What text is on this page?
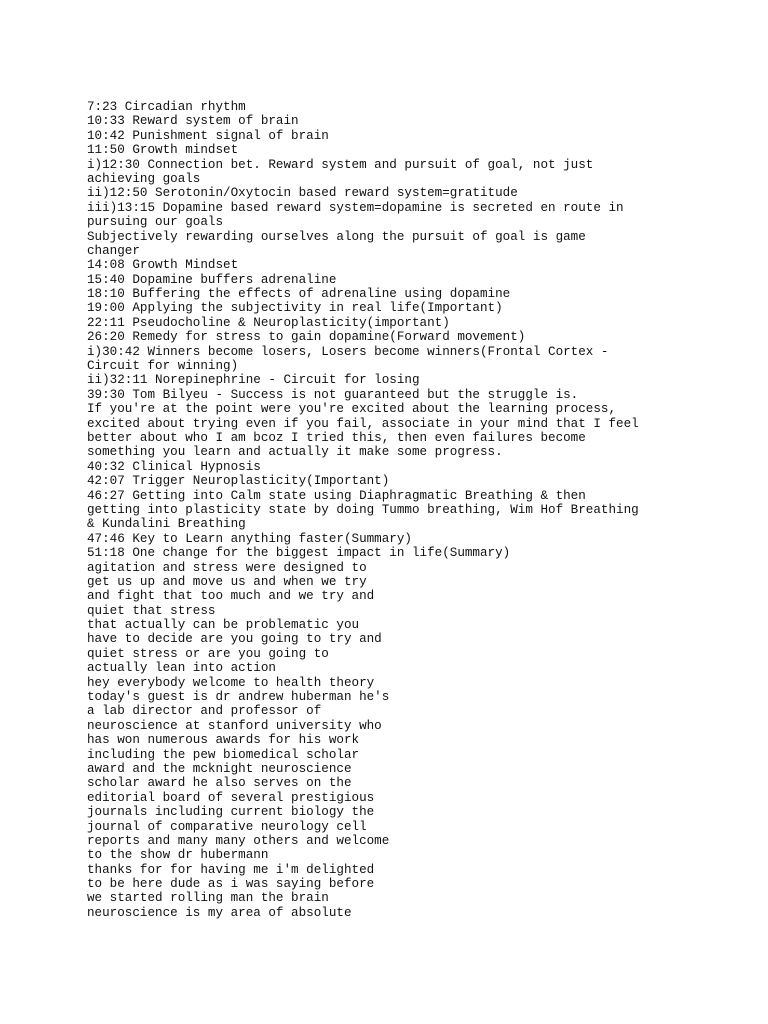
7:23 Circadian rhythm
10:33 Reward system of brain
10:42 Punishment signal of brain
11:50 Growth mindset
i)12:30 Connection bet. Reward system and pursuit of goal, not just
achieving goals
ii)12:50 Serotonin/Oxytocin based reward system=gratitude
iii)13:15 Dopamine based reward system=dopamine is secreted en route in
pursuing our goals
Subjectively rewarding ourselves along the pursuit of goal is game
changer
14:08 Growth Mindset
15:40 Dopamine buffers adrenaline
18:10 Buffering the effects of adrenaline using dopamine
19:00 Applying the subjectivity in real life(Important)
22:11 Pseudocholine & Neuroplasticity(important)
26:20 Remedy for stress to gain dopamine(Forward movement)
i)30:42 Winners become losers, Losers become winners(Frontal Cortex -
Circuit for winning)
ii)32:11 Norepinephrine - Circuit for losing
39:30 Tom Bilyeu - Success is not guaranteed but the struggle is.
If you're at the point were you're excited about the learning process,
excited about trying even if you fail, associate in your mind that I feel
better about who I am bcoz I tried this, then even failures become
something you learn and actually it make some progress.
40:32 Clinical Hypnosis
42:07 Trigger Neuroplasticity(Important)
46:27 Getting into Calm state using Diaphragmatic Breathing & then
getting into plasticity state by doing Tummo breathing, Wim Hof Breathing
& Kundalini Breathing
47:46 Key to Learn anything faster(Summary)
51:18 One change for the biggest impact in life(Summary)
agitation and stress were designed to
get us up and move us and when we try
and fight that too much and we try and
quiet that stress
that actually can be problematic you
have to decide are you going to try and
quiet stress or are you going to
actually lean into action
hey everybody welcome to health theory
today's guest is dr andrew huberman he's
a lab director and professor of
neuroscience at stanford university who
has won numerous awards for his work
including the pew biomedical scholar
award and the mcknight neuroscience
scholar award he also serves on the
editorial board of several prestigious
journals including current biology the
journal of comparative neurology cell
reports and many many others and welcome
to the show dr hubermann
thanks for for having me i'm delighted
to be here dude as i was saying before
we started rolling man the brain
neuroscience is my area of absolute
